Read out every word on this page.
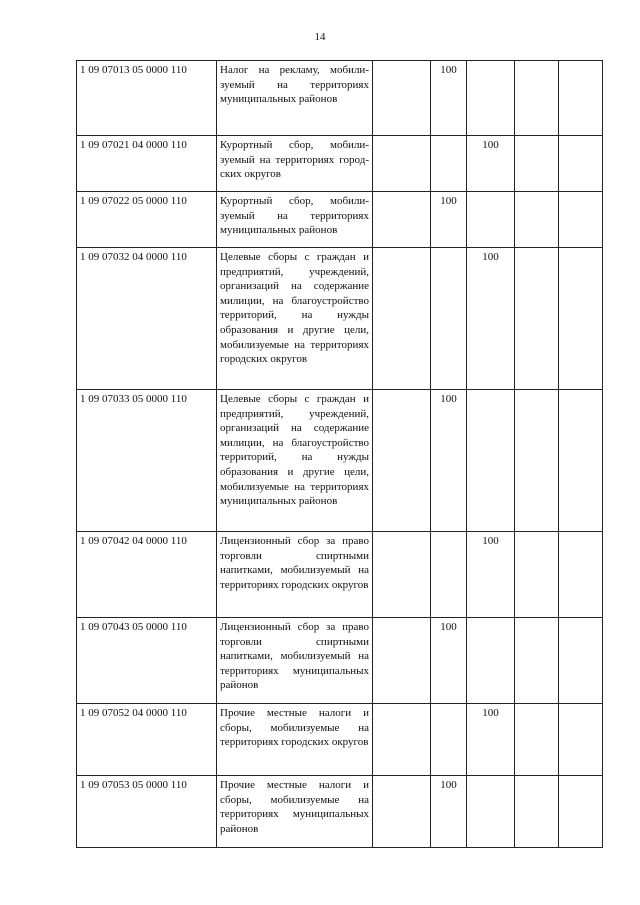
14
1 09 07013 05 0000 110	Налог на рекламу, мобилизуемый на территориях муниципальных районов		100			
1 09 07021 04 0000 110	Курортный сбор, мобилизуемый на территориях городских округов			100		
1 09 07022 05 0000 110	Курортный сбор, мобилизуемый на территориях муниципальных районов		100			
1 09 07032 04 0000 110	Целевые сборы с граждан и предприятий, учреждений, организаций на содержание милиции, на благоустройство территорий, на нужды образования и другие цели, мобилизуемые на территориях городских округов			100		
1 09 07033 05 0000 110	Целевые сборы с граждан и предприятий, учреждений, организаций на содержание милиции, на благоустройство территорий, на нужды образования и другие цели, мобилизуемые на территориях муниципальных районов		100			
1 09 07042 04 0000 110	Лицензионный сбор за право торговли спиртными напитками, мобилизуемый на территориях городских округов			100		
1 09 07043 05 0000 110	Лицензионный сбор за право торговли спиртными напитками, мобилизуемый на территориях муниципальных районов		100			
1 09 07052 04 0000 110	Прочие местные налоги и сборы, мобилизуемые на территориях городских округов			100		
1 09 07053 05 0000 110	Прочие местные налоги и сборы, мобилизуемые на территориях муниципальных районов		100			
